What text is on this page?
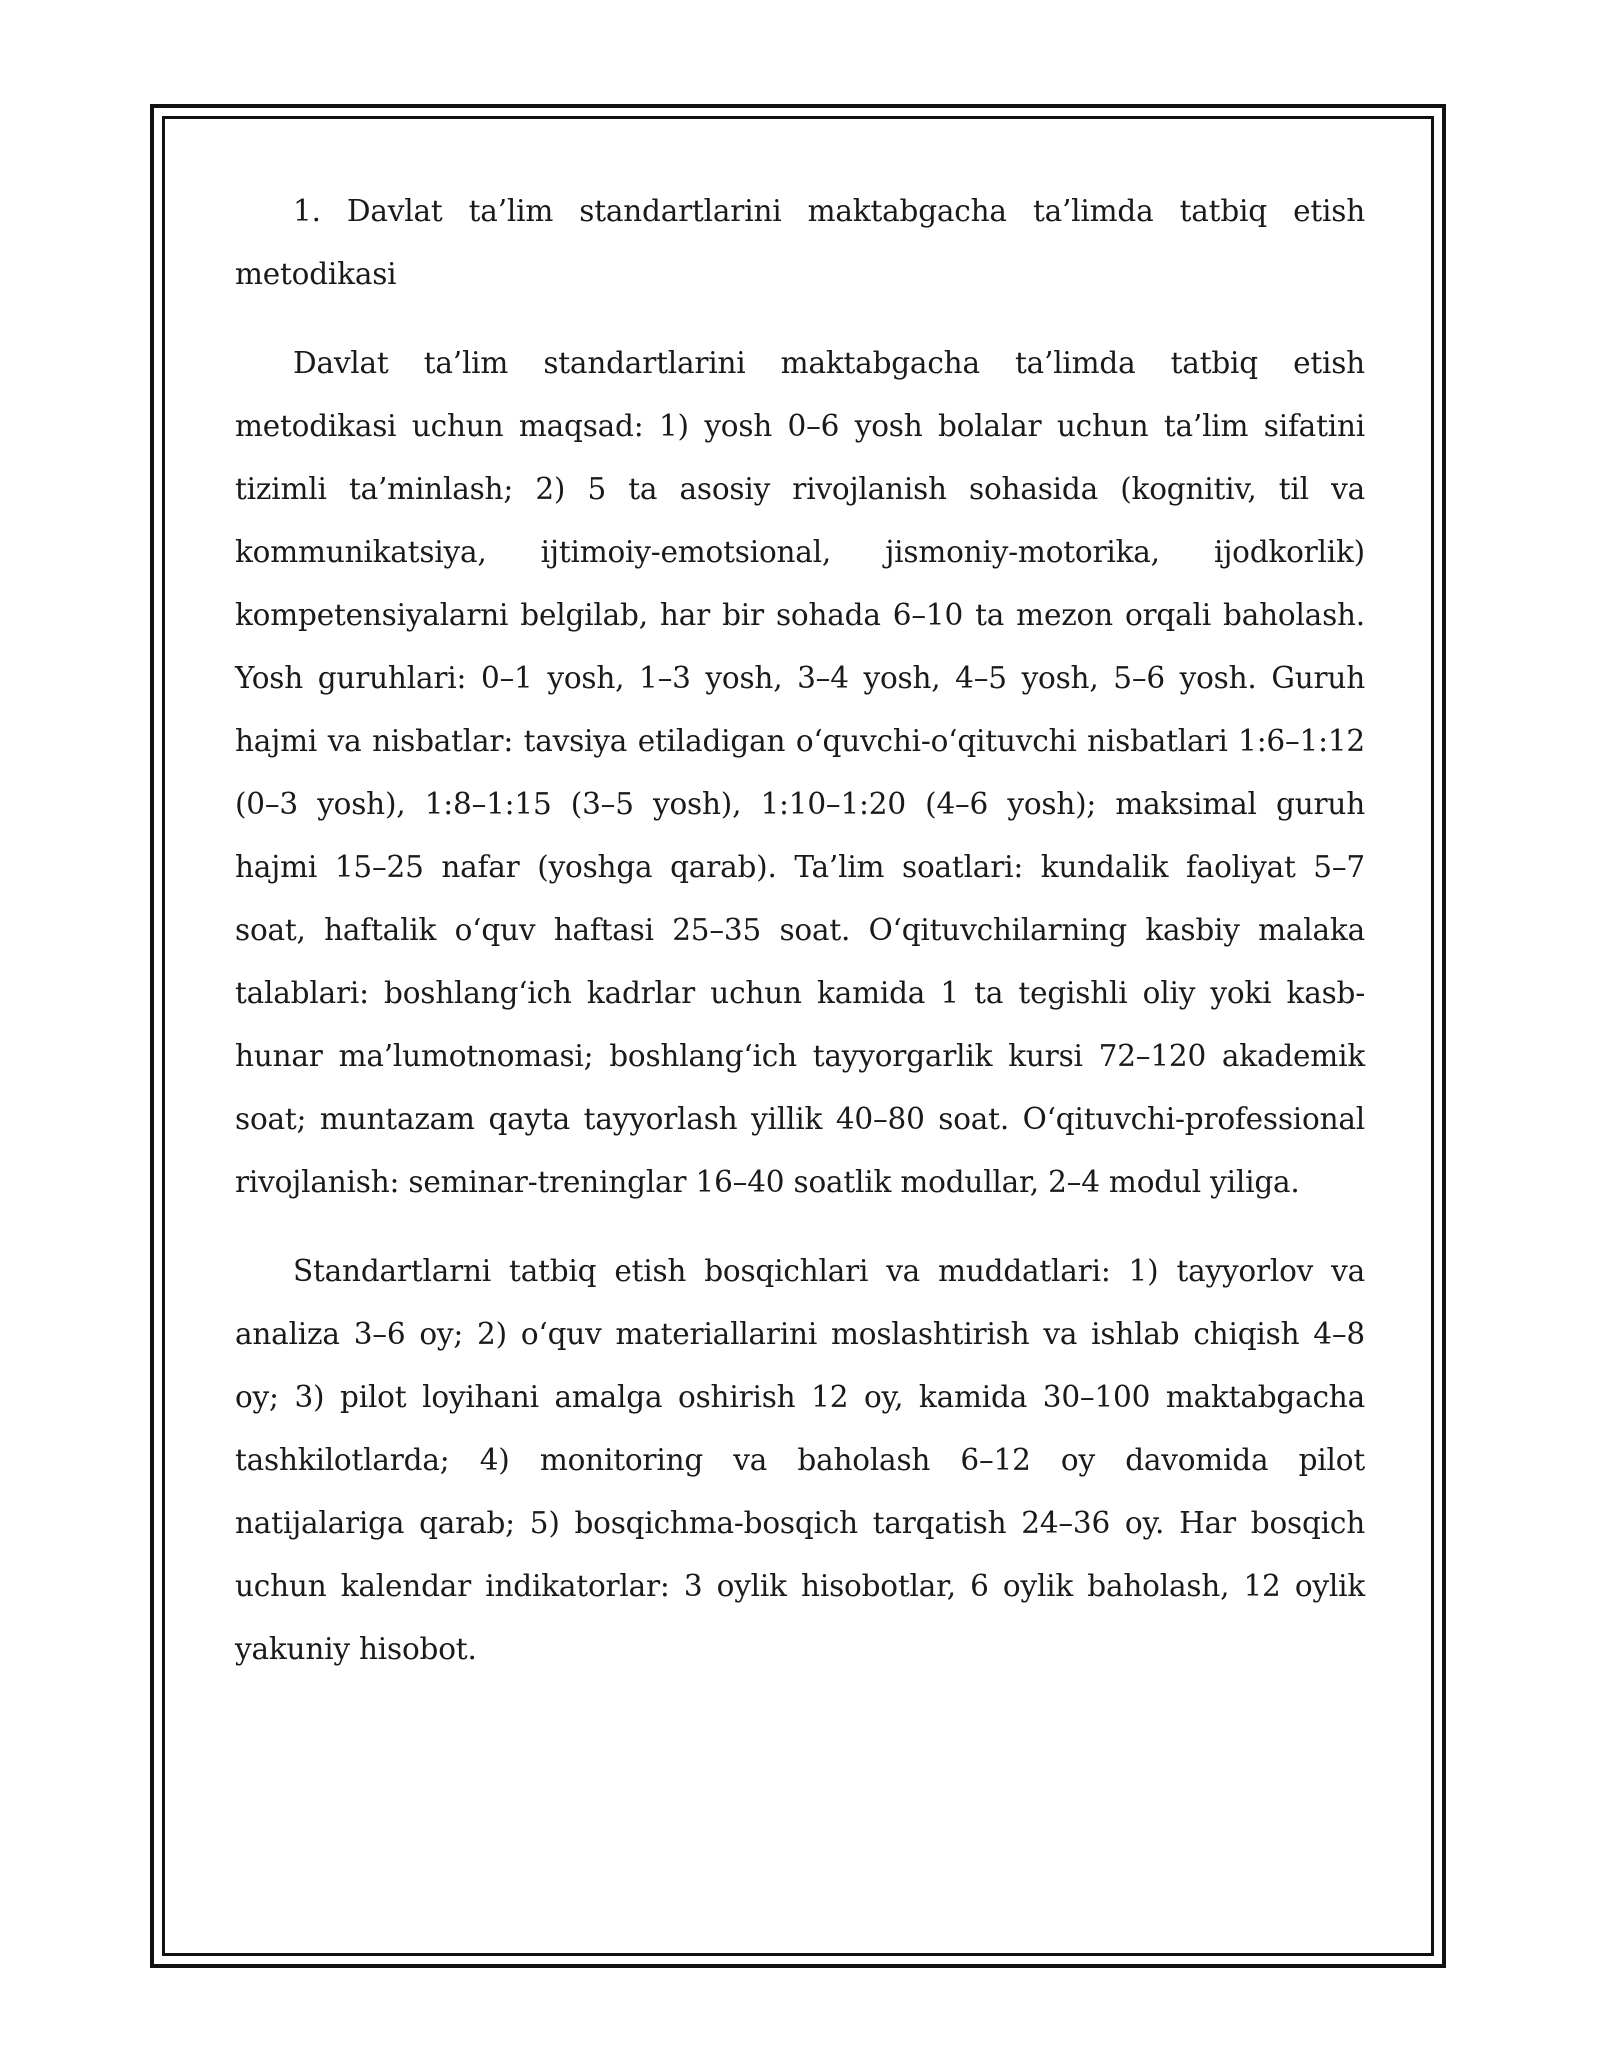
1. Davlat ta’lim standartlarini maktabgacha ta’limda tatbiq etish metodikasi

Davlat ta’lim standartlarini maktabgacha ta’limda tatbiq etish metodikasi uchun maqsad: 1) yosh 0–6 yosh bolalar uchun ta’lim sifatini tizimli ta’minlash; 2) 5 ta asosiy rivojlanish sohasida (kognitiv, til va kommunikatsiya, ijtimoiy-emotsional, jismoniy-motorika, ijodkorlik) kompetensiyalarni belgilab, har bir sohada 6–10 ta mezon orqali baholash. Yosh guruhlari: 0–1 yosh, 1–3 yosh, 3–4 yosh, 4–5 yosh, 5–6 yosh. Guruh hajmi va nisbatlar: tavsiya etiladigan o‘quvchi-o‘qituvchi nisbatlari 1:6–1:12 (0–3 yosh), 1:8–1:15 (3–5 yosh), 1:10–1:20 (4–6 yosh); maksimal guruh hajmi 15–25 nafar (yoshga qarab). Ta’lim soatlari: kundalik faoliyat 5–7 soat, haftalik o‘quv haftasi 25–35 soat. O‘qituvchilarning kasbiy malaka talablari: boshlang‘ich kadrlar uchun kamida 1 ta tegishli oliy yoki kasb-hunar ma’lumotnomasi; boshlang‘ich tayyorgarlik kursi 72–120 akademik soat; muntazam qayta tayyorlash yillik 40–80 soat. O‘qituvchi-professional rivojlanish: seminar-treninglar 16–40 soatlik modullar, 2–4 modul yiliga.

Standartlarni tatbiq etish bosqichlari va muddatlari: 1) tayyorlov va analiza 3–6 oy; 2) o‘quv materiallarini moslashtirish va ishlab chiqish 4–8 oy; 3) pilot loyihani amalga oshirish 12 oy, kamida 30–100 maktabgacha tashkilotlarda; 4) monitoring va baholash 6–12 oy davomida pilot natijalariga qarab; 5) bosqichma-bosqich tarqatish 24–36 oy. Har bosqich uchun kalendar indikatorlar: 3 oylik hisobotlar, 6 oylik baholash, 12 oylik yakuniy hisobot.
